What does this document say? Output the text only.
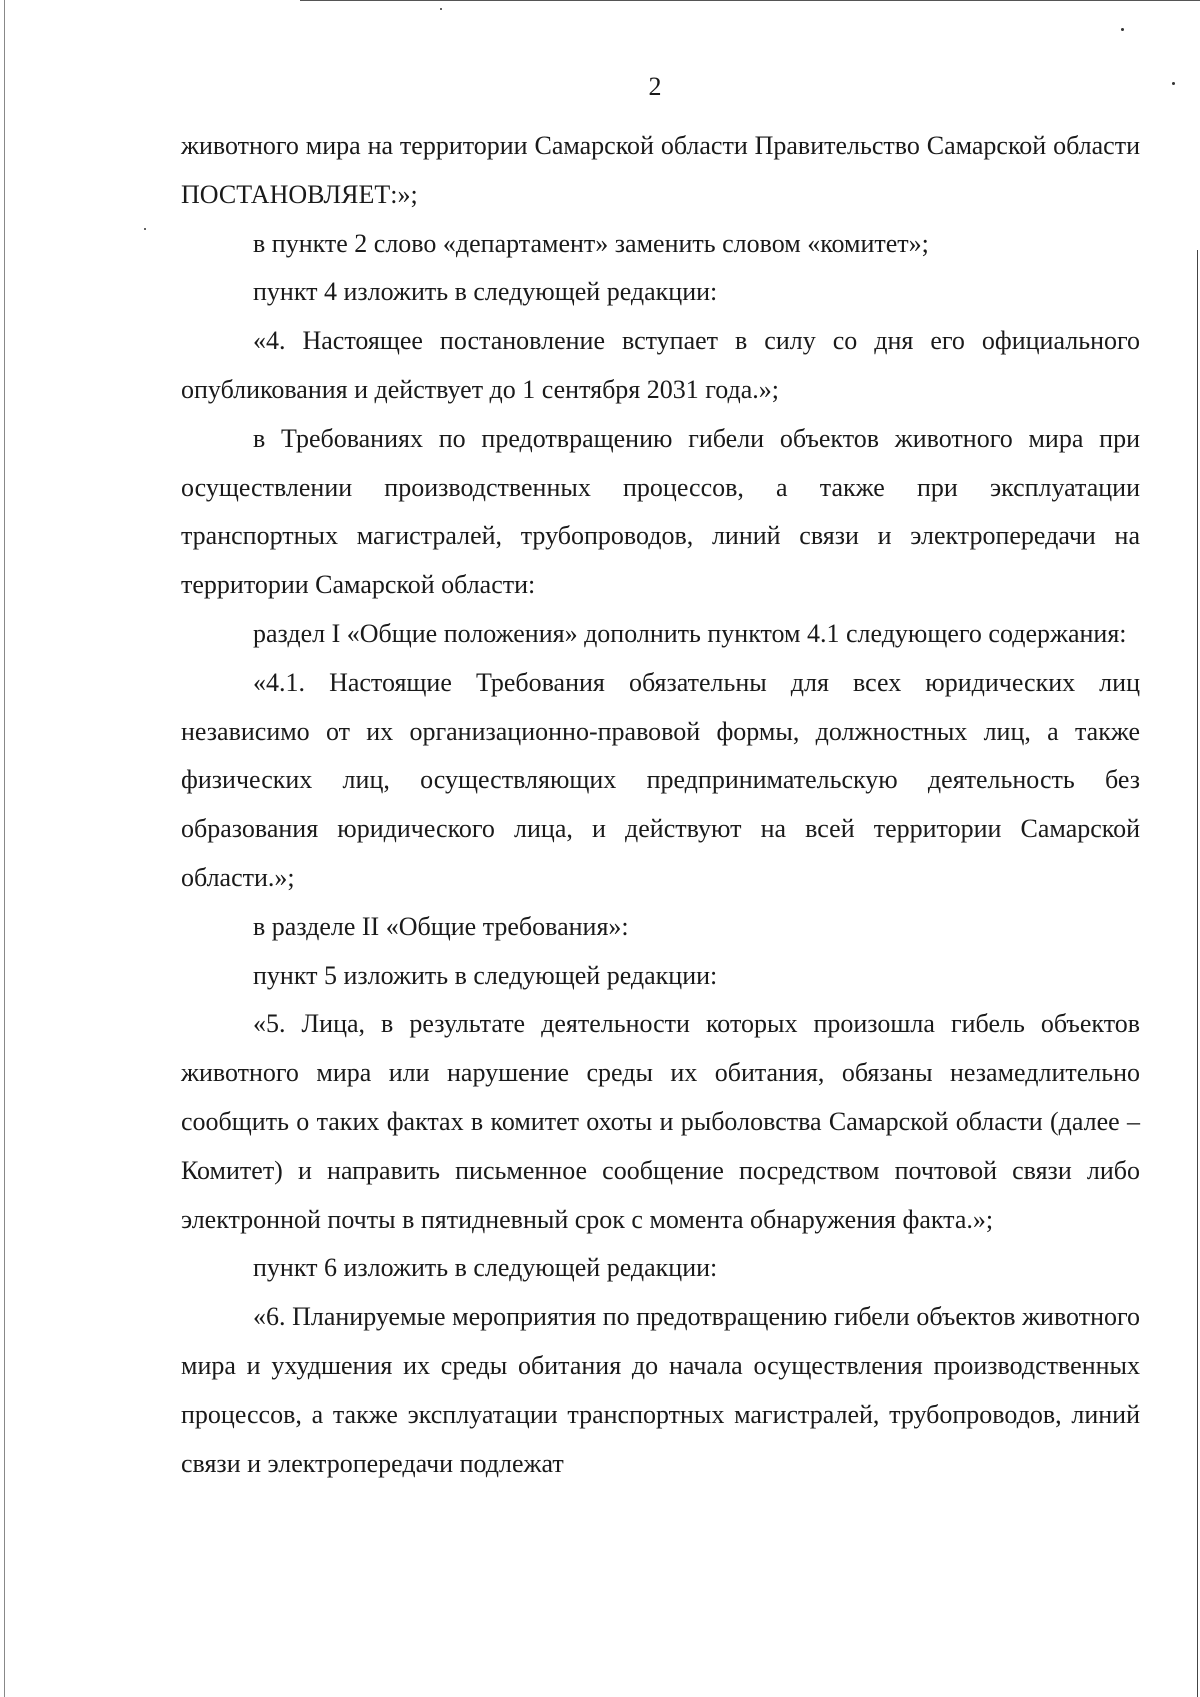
2

животного мира на территории Самарской области Правительство Самарской области ПОСТАНОВЛЯЕТ:»;

в пункте 2 слово «департамент» заменить словом «комитет»;

пункт 4 изложить в следующей редакции:

«4. Настоящее постановление вступает в силу со дня его официального опубликования и действует до 1 сентября 2031 года.»;

в Требованиях по предотвращению гибели объектов животного мира при осуществлении производственных процессов, а также при эксплуатации транспортных магистралей, трубопроводов, линий связи и электропередачи на территории Самарской области:

раздел I «Общие положения» дополнить пунктом 4.1 следующего содержания:

«4.1. Настоящие Требования обязательны для всех юридических лиц независимо от их организационно-правовой формы, должностных лиц, а также физических лиц, осуществляющих предпринимательскую деятельность без образования юридического лица, и действуют на всей территории Самарской области.»;

в разделе II «Общие требования»:

пункт 5 изложить в следующей редакции:

«5. Лица, в результате деятельности которых произошла гибель объектов животного мира или нарушение среды их обитания, обязаны незамедлительно сообщить о таких фактах в комитет охоты и рыболовства Самарской области (далее – Комитет) и направить письменное сообщение посредством почтовой связи либо электронной почты в пятидневный срок с момента обнаружения факта.»;

пункт 6 изложить в следующей редакции:

«6. Планируемые мероприятия по предотвращению гибели объектов животного мира и ухудшения их среды обитания до начала осуществления производственных процессов, а также эксплуатации транспортных магистралей, трубопроводов, линий связи и электропередачи подлежат
